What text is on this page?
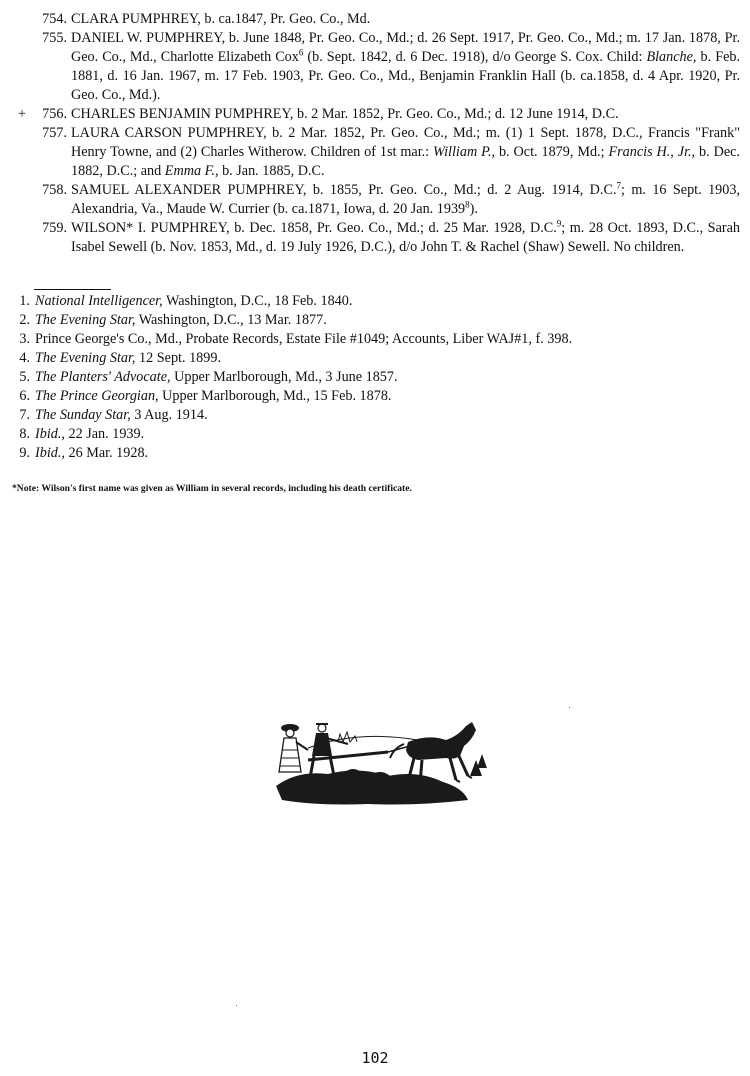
754. CLARA PUMPHREY, b. ca.1847, Pr. Geo. Co., Md.
755. DANIEL W. PUMPHREY, b. June 1848, Pr. Geo. Co., Md.; d. 26 Sept. 1917, Pr. Geo. Co., Md.; m. 17 Jan. 1878, Pr. Geo. Co., Md., Charlotte Elizabeth Cox$^6$ (b. Sept. 1842, d. 6 Dec. 1918), d/o George S. Cox. Child: Blanche, b. Feb. 1881, d. 16 Jan. 1967, m. 17 Feb. 1903, Pr. Geo. Co., Md., Benjamin Franklin Hall (b. ca.1858, d. 4 Apr. 1920, Pr. Geo. Co., Md.).
+	756. CHARLES BENJAMIN PUMPHREY, b. 2 Mar. 1852, Pr. Geo. Co., Md.; d. 12 June 1914, D.C.
757. LAURA CARSON PUMPHREY, b. 2 Mar. 1852, Pr. Geo. Co., Md.; m. (1) 1 Sept. 1878, D.C., Francis "Frank" Henry Towne, and (2) Charles Witherow. Children of 1st mar.: William P., b. Oct. 1879, Md.; Francis H., Jr., b. Dec. 1882, D.C.; and Emma F., b. Jan. 1885, D.C.
758. SAMUEL ALEXANDER PUMPHREY, b. 1855, Pr. Geo. Co., Md.; d. 2 Aug. 1914, D.C.$^7$; m. 16 Sept. 1903, Alexandria, Va., Maude W. Currier (b. ca.1871, Iowa, d. 20 Jan. 1939$^8$).
759. WILSON* I. PUMPHREY, b. Dec. 1858, Pr. Geo. Co., Md.; d. 25 Mar. 1928, D.C.$^9$; m. 28 Oct. 1893, D.C., Sarah Isabel Sewell (b. Nov. 1853, Md., d. 19 July 1926, D.C.), d/o John T. & Rachel (Shaw) Sewell. No children.
1. National Intelligencer, Washington, D.C., 18 Feb. 1840.
2. The Evening Star, Washington, D.C., 13 Mar. 1877.
3. Prince George's Co., Md., Probate Records, Estate File #1049; Accounts, Liber WAJ#1, f. 398.
4. The Evening Star, 12 Sept. 1899.
5. The Planters' Advocate, Upper Marlborough, Md., 3 June 1857.
6. The Prince Georgian, Upper Marlborough, Md., 15 Feb. 1878.
7. The Sunday Star, 3 Aug. 1914.
8. Ibid., 22 Jan. 1939.
9. Ibid., 26 Mar. 1928.
*Note: Wilson's first name was given as William in several records, including his death certificate.
102
